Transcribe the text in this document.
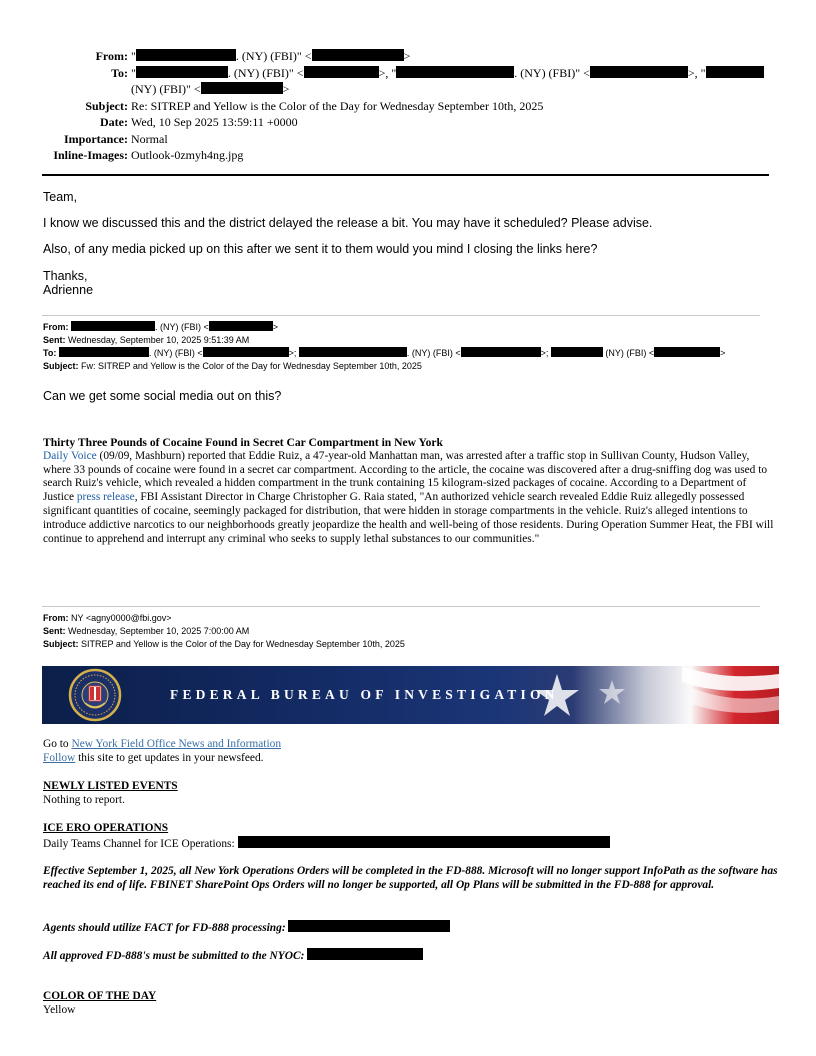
From: "	. (NY) (FBI)" <	>
To: "	. (NY) (FBI)" <	>, "	. (NY) (FBI)" <	>, "
(NY) (FBI)" <	>
Subject: Re: SITREP and Yellow is the Color of the Day for Wednesday September 10th, 2025
Date: Wed, 10 Sep 2025 13:59:11 +0000
Importance: Normal
Inline-Images: Outlook-0zmyh4ng.jpg
Team,
I know we discussed this and the district delayed the release a bit. You may have it scheduled? Please advise.
Also, of any media picked up on this after we sent it to them would you mind I closing the links here?
Thanks,
Adrienne
From:	. (NY) (FBI) <	>
Sent: Wednesday, September 10, 2025 9:51:39 AM
To:	. (NY) (FBI) <	>;	. (NY) (FBI) <	>;	(NY) (FBI) <	>
Subject: Fw: SITREP and Yellow is the Color of the Day for Wednesday September 10th, 2025
Can we get some social media out on this?
Thirty Three Pounds of Cocaine Found in Secret Car Compartment in New York

Daily Voice (09/09, Mashburn) reported that Eddie Ruiz, a 47-year-old Manhattan man, was arrested after a traffic stop in Sullivan County, Hudson Valley, where 33 pounds of cocaine were found in a secret car compartment. According to the article, the cocaine was discovered after a drug-sniffing dog was used to search Ruiz's vehicle, which revealed a hidden compartment in the trunk containing 15 kilogram-sized packages of cocaine. According to a Department of Justice press release, FBI Assistant Director in Charge Christopher G. Raia stated, "An authorized vehicle search revealed Eddie Ruiz allegedly possessed significant quantities of cocaine, seemingly packaged for distribution, that were hidden in storage compartments in the vehicle. Ruiz's alleged intentions to introduce addictive narcotics to our neighborhoods greatly jeopardize the health and well-being of those residents. During Operation Summer Heat, the FBI will continue to apprehend and interrupt any criminal who seeks to supply lethal substances to our communities."

From: NY <agny0000@fbi.gov>
Sent: Wednesday, September 10, 2025 7:00:00 AM
Subject: SITREP and Yellow is the Color of the Day for Wednesday September 10th, 2025
FEDERAL BUREAU OF INVESTIGATION
Go to New York Field Office News and Information
Follow this site to get updates in your newsfeed.
NEWLY LISTED EVENTS
Nothing to report.
ICE ERO OPERATIONS
Daily Teams Channel for ICE Operations:
Effective September 1, 2025, all New York Operations Orders will be completed in the FD-888. Microsoft will no longer support InfoPath as the software has reached its end of life. FBINET SharePoint Ops Orders will no longer be supported, all Op Plans will be submitted in the FD-888 for approval.
Agents should utilize FACT for FD-888 processing:
All approved FD-888's must be submitted to the NYOC:
COLOR OF THE DAY
Yellow
